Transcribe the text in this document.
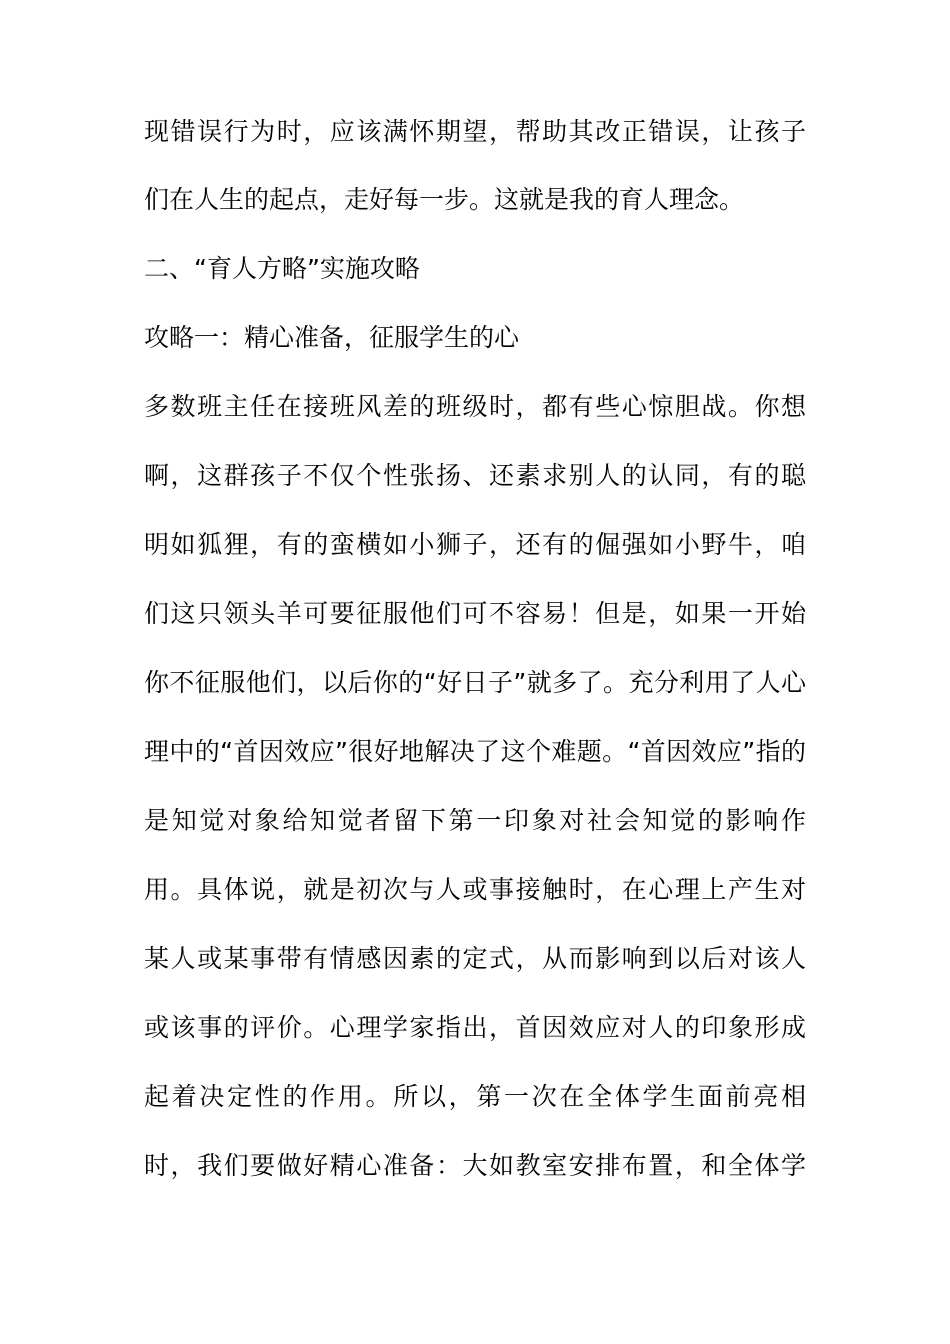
现错误行为时，应该满怀期望，帮助其改正错误，让孩子
们在人生的起点，走好每一步。这就是我的育人理念。
二、“育人方略”实施攻略
攻略一：精心准备，征服学生的心
多数班主任在接班风差的班级时，都有些心惊胆战。你想
啊，这群孩子不仅个性张扬、还素求别人的认同，有的聪
明如狐狸，有的蛮横如小狮子，还有的倔强如小野牛，咱
们这只领头羊可要征服他们可不容易！但是，如果一开始
你不征服他们，以后你的“好日子”就多了。充分利用了人心
理中的“首因效应”很好地解决了这个难题。“首因效应”指的
是知觉对象给知觉者留下第一印象对社会知觉的影响作
用。具体说，就是初次与人或事接触时，在心理上产生对
某人或某事带有情感因素的定式，从而影响到以后对该人
或该事的评价。心理学家指出，首因效应对人的印象形成
起着决定性的作用。所以，第一次在全体学生面前亮相
时，我们要做好精心准备：大如教室安排布置，和全体学
